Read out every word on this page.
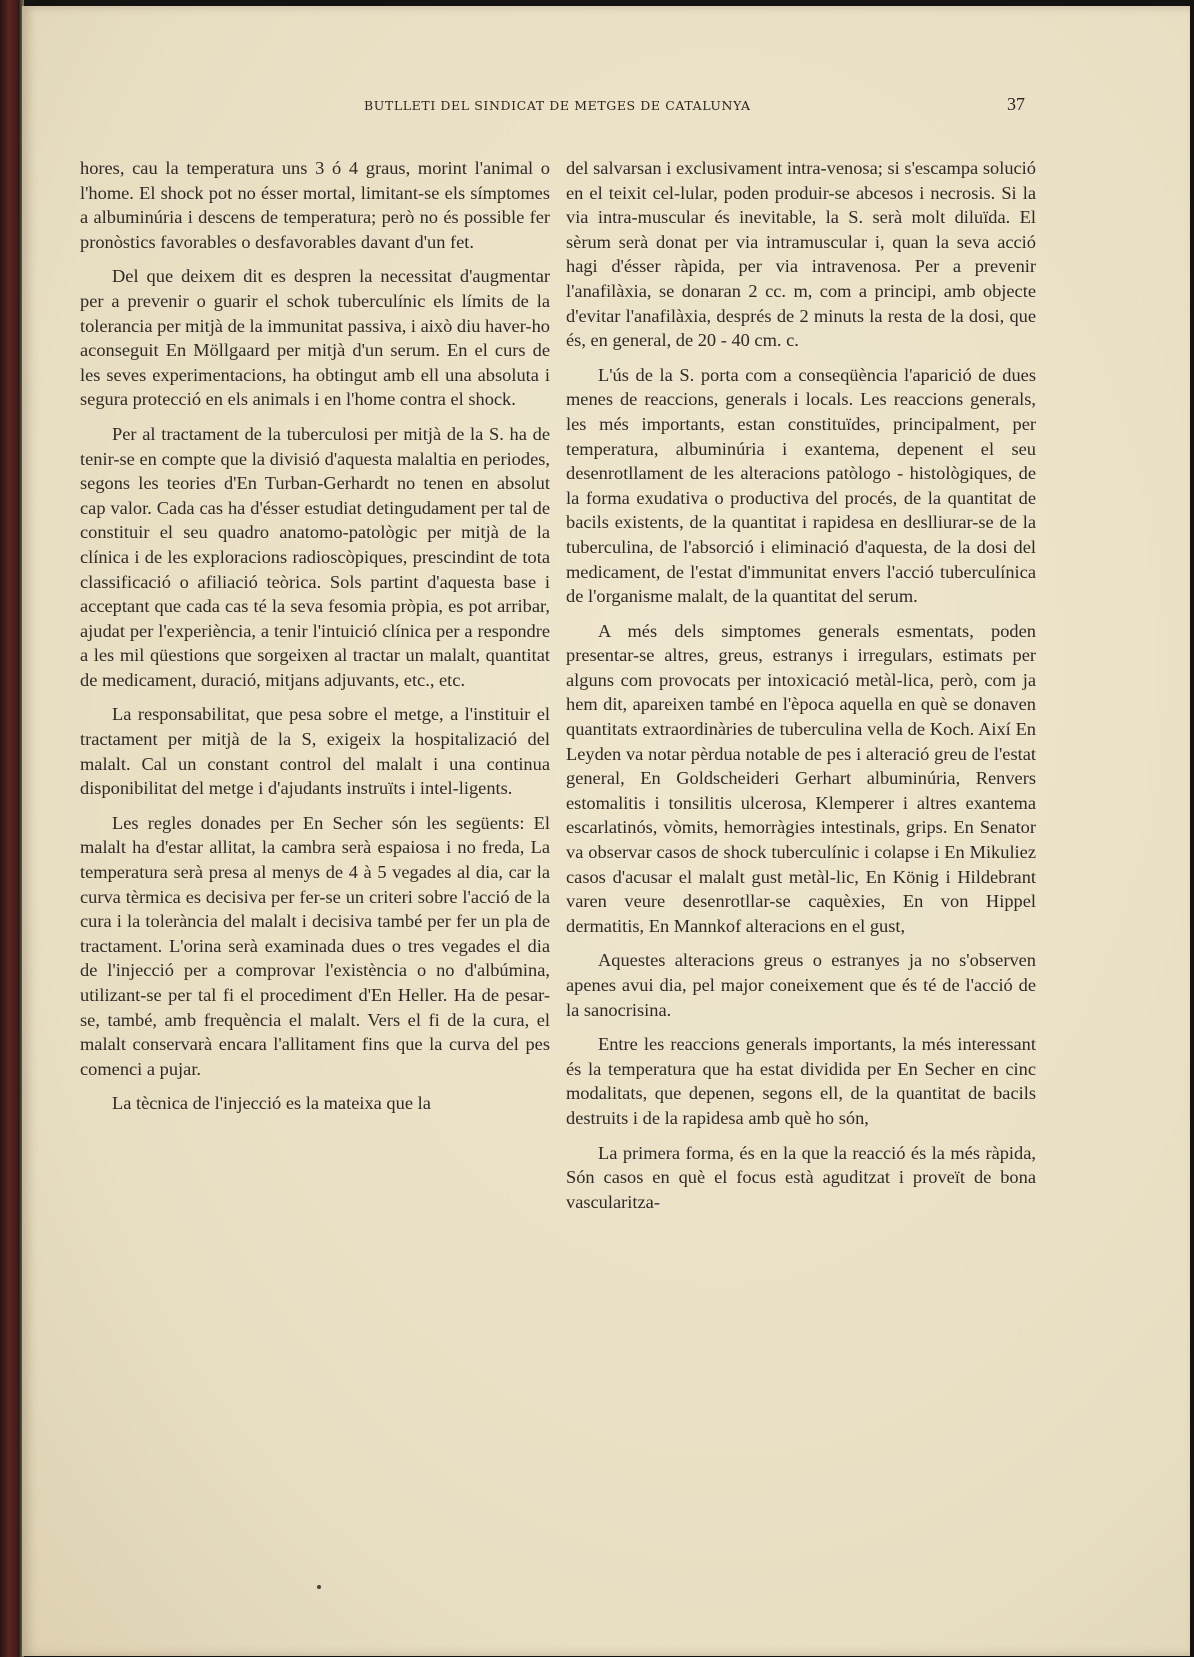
BUTLLETI DEL SINDICAT DE METGES DE CATALUNYA	37

hores, cau la temperatura uns 3 ó 4 graus, morint l'animal o l'home. El shock pot no ésser mortal, limitant-se els símptomes a albuminúria i descens de temperatura; però no és possible fer pronòstics favorables o desfavorables davant d'un fet.

Del que deixem dit es despren la necessitat d'augmentar per a prevenir o guarir el schok tuberculínic els límits de la tolerancia per mitjà de la immunitat passiva, i això diu haver-ho aconseguit En Möllgaard per mitjà d'un serum. En el curs de les seves experimentacions, ha obtingut amb ell una absoluta i segura protecció en els animals i en l'home contra el shock.

Per al tractament de la tuberculosi per mitjà de la S. ha de tenir-se en compte que la divisió d'aquesta malaltia en periodes, segons les teories d'En Turban-Gerhardt no tenen en absolut cap valor. Cada cas ha d'ésser estudiat detingudament per tal de constituir el seu quadro anatomo-patològic per mitjà de la clínica i de les exploracions radioscòpiques, prescindint de tota classificació o afiliació teòrica. Sols partint d'aquesta base i acceptant que cada cas té la seva fesomia pròpia, es pot arribar, ajudat per l'experiència, a tenir l'intuició clínica per a respondre a les mil qüestions que sorgeixen al tractar un malalt, quantitat de medicament, duració, mitjans adjuvants, etc., etc.

La responsabilitat, que pesa sobre el metge, a l'instituir el tractament per mitjà de la S, exigeix la hospitalizació del malalt. Cal un constant control del malalt i una continua disponibilitat del metge i d'ajudants instruïts i intel-ligents.

Les regles donades per En Secher són les següents: El malalt ha d'estar allitat, la cambra serà espaiosa i no freda, La temperatura serà presa al menys de 4 à 5 vegades al dia, car la curva tèrmica es decisiva per fer-se un criteri sobre l'acció de la cura i la tolerància del malalt i decisiva també per fer un pla de tractament. L'orina serà examinada dues o tres vegades el dia de l'injecció per a comprovar l'existència o no d'albúmina, utilizant-se per tal fi el procediment d'En Heller. Ha de pesar-se, també, amb frequència el malalt. Vers el fi de la cura, el malalt conservarà encara l'allitament fins que la curva del pes comenci a pujar.

La tècnica de l'injecció es la mateixa que la

del salvarsan i exclusivament intra-venosa; si s'escampa solució en el teixit cel-lular, poden produir-se abcesos i necrosis. Si la via intra-muscular és inevitable, la S. serà molt diluïda. El sèrum serà donat per via intramuscular i, quan la seva acció hagi d'ésser ràpida, per via intravenosa. Per a prevenir l'anafilàxia, se donaran 2 cc. m, com a principi, amb objecte d'evitar l'anafilàxia, després de 2 minuts la resta de la dosi, que és, en general, de 20 - 40 cm. c.

L'ús de la S. porta com a conseqüència l'aparició de dues menes de reaccions, generals i locals. Les reaccions generals, les més importants, estan constituïdes, principalment, per temperatura, albuminúria i exantema, depenent el seu desenrotllament de les alteracions patòlogo - histològiques, de la forma exudativa o productiva del procés, de la quantitat de bacils existents, de la quantitat i rapidesa en deslliurar-se de la tuberculina, de l'absorció i eliminació d'aquesta, de la dosi del medicament, de l'estat d'immunitat envers l'acció tuberculínica de l'organisme malalt, de la quantitat del serum.

A més dels simptomes generals esmentats, poden presentar-se altres, greus, estranys i irregulars, estimats per alguns com provocats per intoxicació metàl-lica, però, com ja hem dit, apareixen també en l'època aquella en què se donaven quantitats extraordinàries de tuberculina vella de Koch. Així En Leyden va notar pèrdua notable de pes i alteració greu de l'estat general, En Goldscheideri Gerhart albuminúria, Renvers estomalitis i tonsilitis ulcerosa, Klemperer i altres exantema escarlatinós, vòmits, hemorràgies intestinals, grips. En Senator va observar casos de shock tuberculínic i colapse i En Mikuliez casos d'acusar el malalt gust metàl-lic, En König i Hildebrant varen veure desenrotllar-se caquèxies, En von Hippel dermatitis, En Mannkof alteracions en el gust,

Aquestes alteracions greus o estranyes ja no s'observen apenes avui dia, pel major coneixement que és té de l'acció de la sanocrisina.

Entre les reaccions generals importants, la més interessant és la temperatura que ha estat dividida per En Secher en cinc modalitats, que depenen, segons ell, de la quantitat de bacils destruits i de la rapidesa amb què ho són,

La primera forma, és en la que la reacció és la més ràpida, Són casos en què el focus està aguditzat i proveït de bona vascularitza-
